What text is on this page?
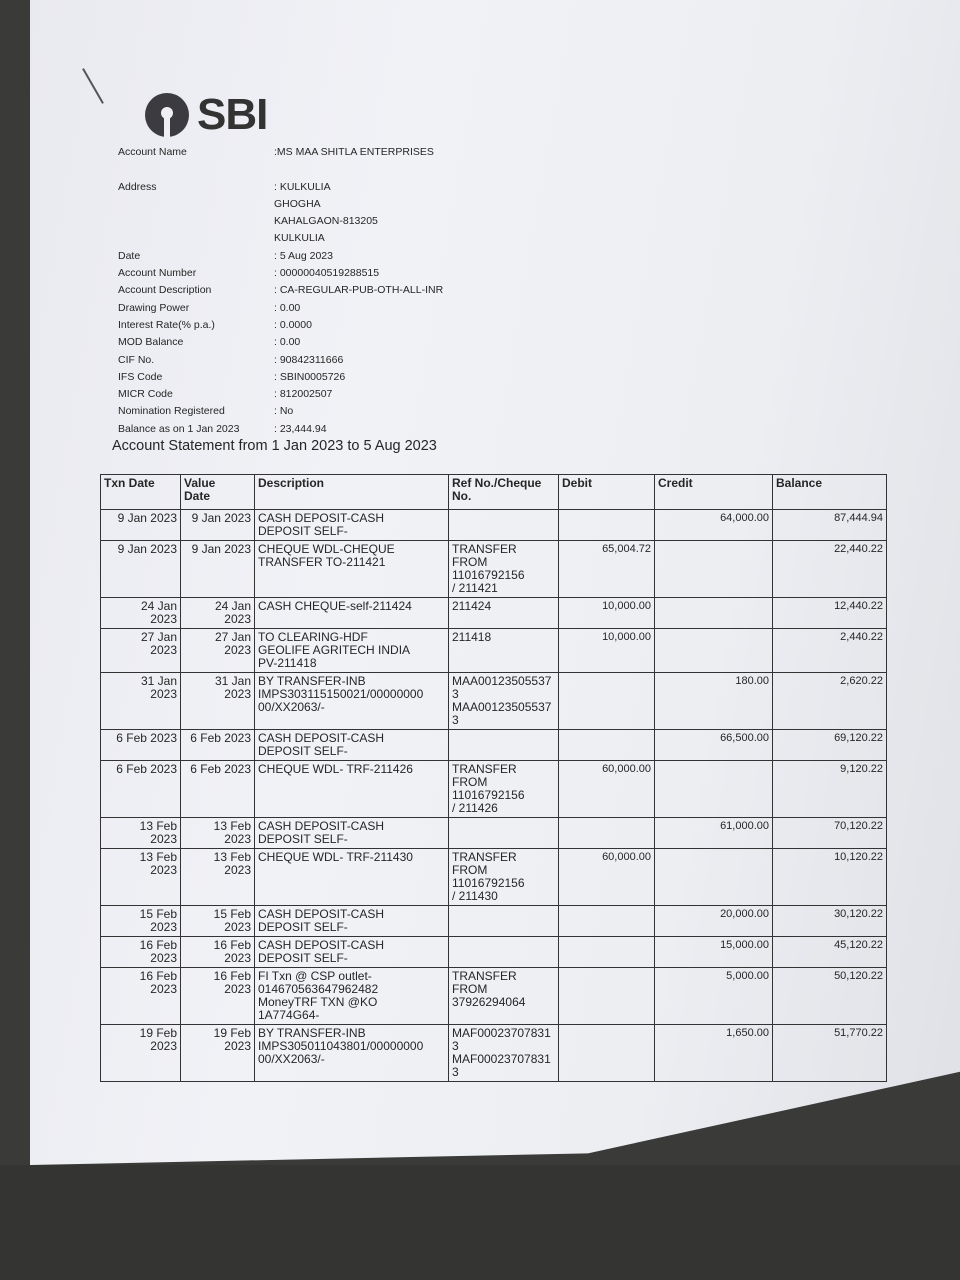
SBI
Account Name	:MS MAA SHITLA ENTERPRISES
Address	: KULKULIA
GHOGHA
KAHALGAON-813205
KULKULIA
Date	: 5 Aug 2023
Account Number	: 00000040519288515
Account Description	: CA-REGULAR-PUB-OTH-ALL-INR
Drawing Power	: 0.00
Interest Rate(% p.a.)	: 0.0000
MOD Balance	: 0.00
CIF No.	: 90842311666
IFS Code	: SBIN0005726
MICR Code	: 812002507
Nomination Registered	: No
Balance as on 1 Jan 2023	: 23,444.94
Account Statement from 1 Jan 2023 to 5 Aug 2023
Txn Date	Value
Date	Description	Ref No./Cheque
No.	Debit	Credit	Balance
9 Jan 2023	9 Jan 2023	CASH DEPOSIT-CASH
DEPOSIT SELF-			64,000.00	87,444.94
9 Jan 2023	9 Jan 2023	CHEQUE WDL-CHEQUE
TRANSFER TO-211421	TRANSFER
FROM
11016792156
/ 211421	65,004.72		22,440.22
24 Jan
2023	24 Jan
2023	CASH CHEQUE-self-211424	211424	10,000.00		12,440.22
27 Jan
2023	27 Jan
2023	TO CLEARING-HDF
GEOLIFE AGRITECH INDIA
PV-211418	211418	10,000.00		2,440.22
31 Jan
2023	31 Jan
2023	BY TRANSFER-INB
IMPS303115150021/00000000
00/XX2063/-	MAA00123505537
3
MAA00123505537
3		180.00	2,620.22
6 Feb 2023	6 Feb 2023	CASH DEPOSIT-CASH
DEPOSIT SELF-			66,500.00	69,120.22
6 Feb 2023	6 Feb 2023	CHEQUE WDL- TRF-211426	TRANSFER
FROM
11016792156
/ 211426	60,000.00		9,120.22
13 Feb
2023	13 Feb
2023	CASH DEPOSIT-CASH
DEPOSIT SELF-			61,000.00	70,120.22
13 Feb
2023	13 Feb
2023	CHEQUE WDL- TRF-211430	TRANSFER
FROM
11016792156
/ 211430	60,000.00		10,120.22
15 Feb
2023	15 Feb
2023	CASH DEPOSIT-CASH
DEPOSIT SELF-			20,000.00	30,120.22
16 Feb
2023	16 Feb
2023	CASH DEPOSIT-CASH
DEPOSIT SELF-			15,000.00	45,120.22
16 Feb
2023	16 Feb
2023	FI Txn @ CSP outlet-
014670563647962482
MoneyTRF TXN @KO
1A774G64-	TRANSFER
FROM
37926294064		5,000.00	50,120.22
19 Feb
2023	19 Feb
2023	BY TRANSFER-INB
IMPS305011043801/00000000
00/XX2063/-	MAF00023707831
3
MAF00023707831
3		1,650.00	51,770.22
